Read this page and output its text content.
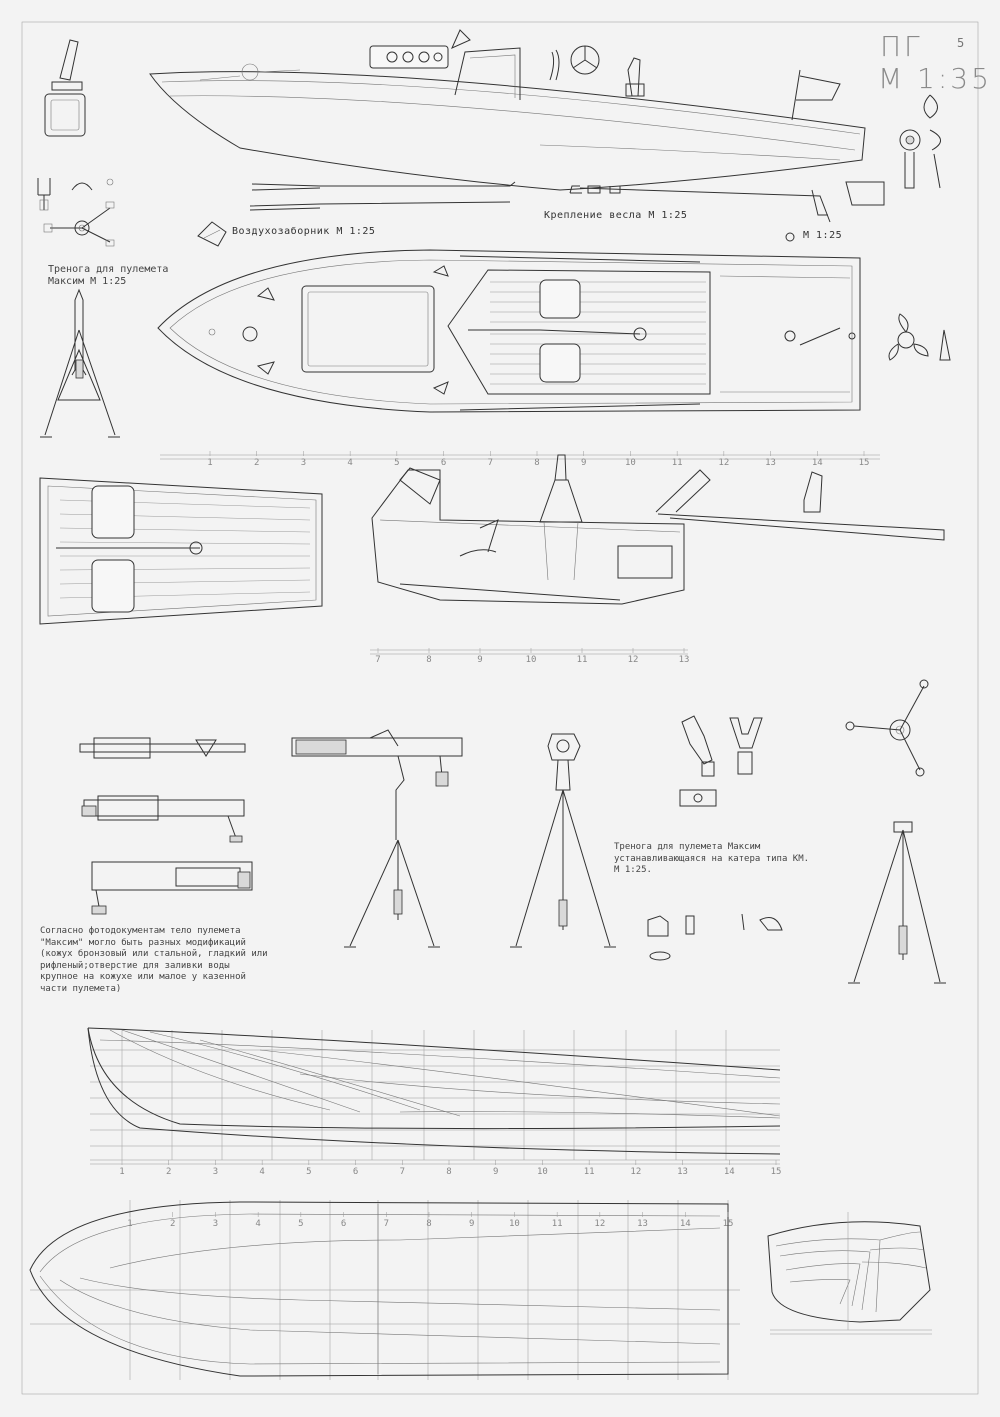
1	2	3	4	5	6	7	8	9	10	11	12	13	14	15
7	8	9	10	11	12	13
1	2	3	4	5	6	7	8	9	10	11	12	13	14	15
1	2	3	4	5	6	7	8	9	10	11	12	13	14	15
ПГ	5
М 1:35
Воздухозаборник М 1:25
Крепление весла М 1:25
М 1:25
Тренога для пулемета
Максим М 1:25
Тренога для пулемета Максим
устанавливающаяся на катера типа КМ.
М 1:25.
Согласно фотодокументам тело пулемета
"Максим" могло быть разных модификаций
(кожух бронзовый или стальной, гладкий или
рифленый;отверстие для заливки воды
крупное на кожухе или малое у казенной
части пулемета)
